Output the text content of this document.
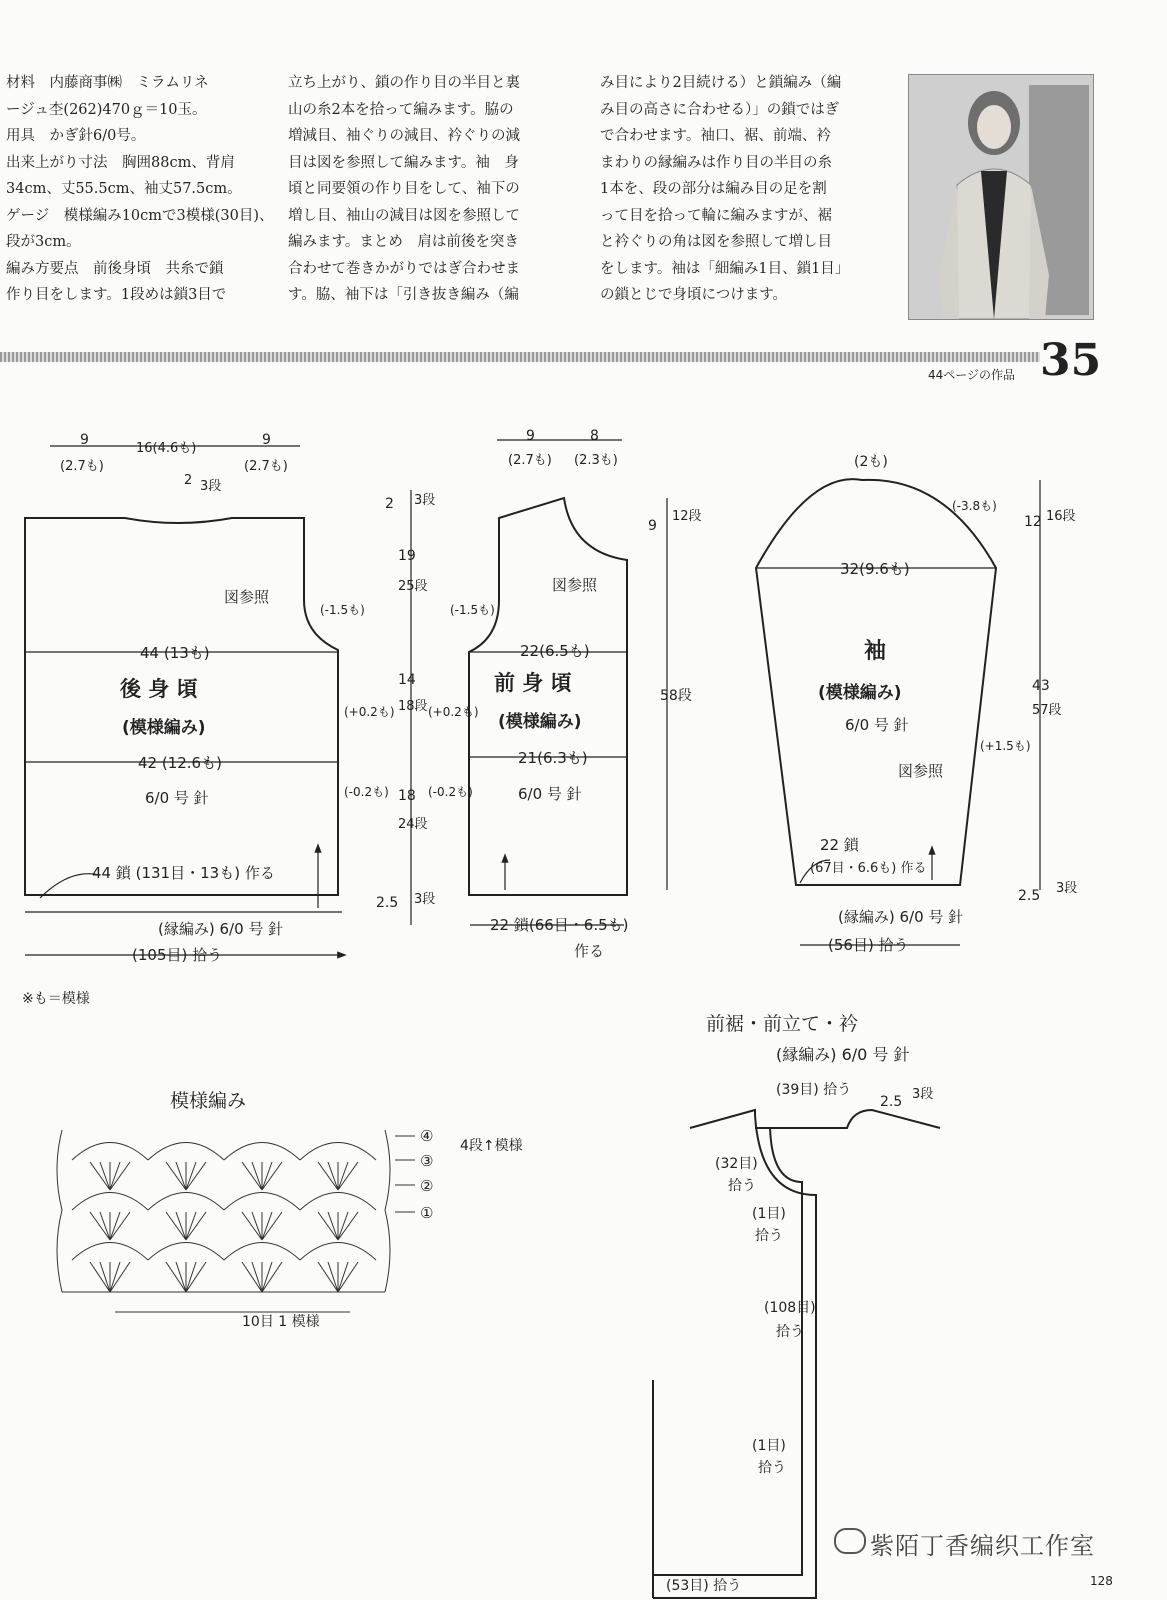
材料　内藤商事㈱　ミラムリネ
ージュ杢(262)470ｇ＝10玉。
用具　かぎ針6/0号。
出来上がり寸法　胸囲88cm、背肩
34cm、丈55.5cm、袖丈57.5cm。
ゲージ　模様編み10cmで3模様(30目)、
段が3cm。
編み方要点　前後身頃　共糸で鎖
作り目をします。1段めは鎖3目で
立ち上がり、鎖の作り目の半目と裏
山の糸2本を拾って編みます。脇の
増減目、袖ぐりの減目、衿ぐりの減
目は図を参照して編みます。袖　身
頃と同要領の作り目をして、袖下の
増し目、袖山の減目は図を参照して
編みます。まとめ　肩は前後を突き
合わせて巻きかがりではぎ合わせま
す。脇、袖下は「引き抜き編み（編
み目により2目続ける）と鎖編み（編
み目の高さに合わせる）」の鎖ではぎ
で合わせます。袖口、裾、前端、衿
まわりの縁編みは作り目の半目の糸
1本を、段の部分は編み目の足を割
って目を拾って輪に編みますが、裾
と衿ぐりの角は図を参照して増し目
をします。袖は「細編み1目、鎖1目」
の鎖とじで身頃につけます。
44ページの作品 35
9
(2.7も)
16(4.6も)
9
(2.7も)
2 3段
図参照
(-1.5も)
44 (13も)
後 身 頃
(模様編み)
42 (12.6も)
6/0 号 針
(+0.2も)
(-0.2も)
44 鎖 (131目・13も) 作る
(縁編み) 6/0 号 針
(105目) 拾う
※も＝模様
2 3段
19
25段
14
18段
18
24段
2.5 3段
9
(2.7も)
8
(2.3も)
9
12段
図参照
(-1.5も)
22(6.5も)
前 身 頃
(模様編み)
21(6.3も)
6/0 号 針
(+0.2も)
(-0.2も)
58段
22 鎖(66目・6.5も)
作る
(2も)
(-3.8も)
12 16段
32(9.6も)
袖
(模様編み)
6/0 号 針
図参照
(+1.5も)
43
57段
22 鎖
(67目・6.6も) 作る
(縁編み) 6/0 号 針
(56目) 拾う
2.5 3段
模様編み
④
③
②
①
4段↑模様
10目 1 模様
前裾・前立て・衿
(縁編み) 6/0 号 針
(39目) 拾う
2.5 3段
(32目)
拾う
(1目)
拾う
(108目)
拾う
(1目)
拾う
(53目) 拾う
紫陌丁香编织工作室
128
